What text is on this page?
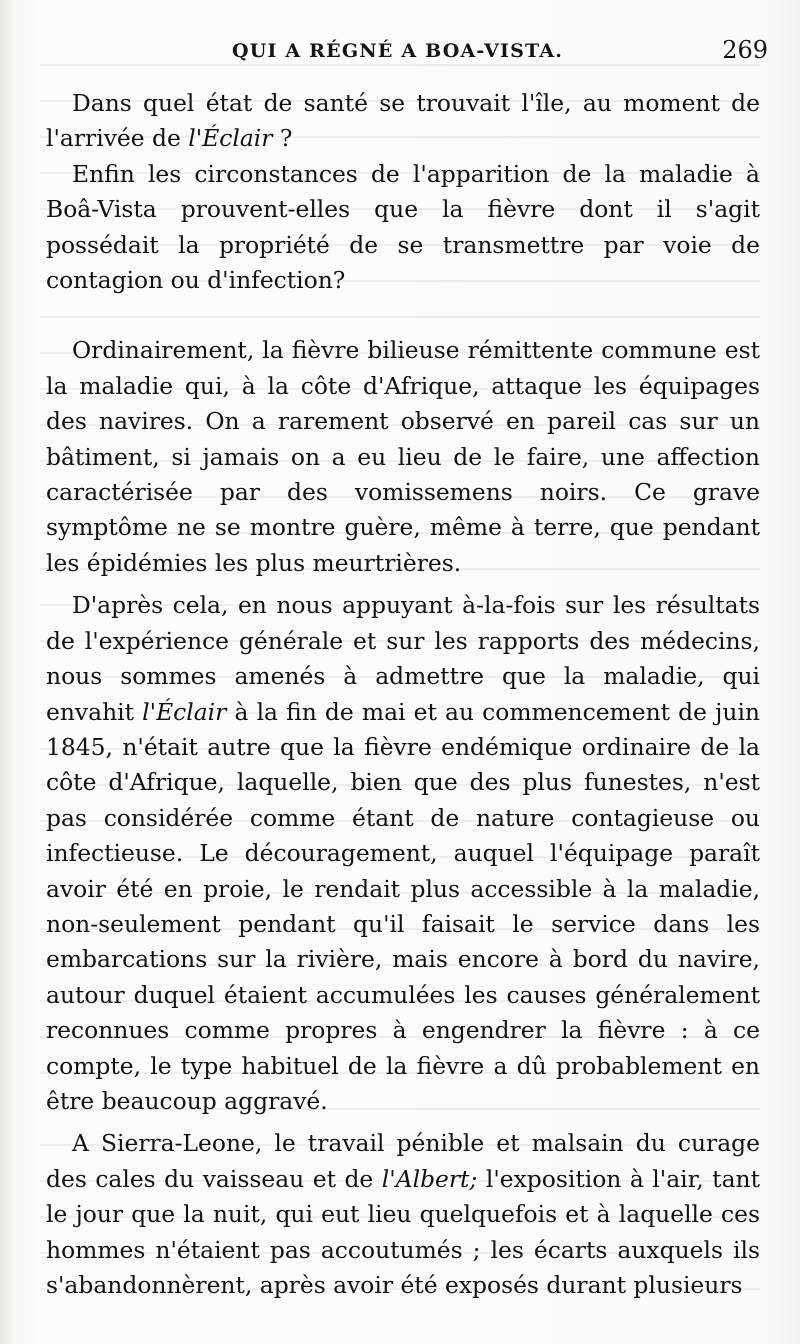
QUI A RÉGNÉ A BOA-VISTA.	269

Dans quel état de santé se trouvait l'île, au moment de l'arrivée de l'Éclair ?

Enfin les circonstances de l'apparition de la maladie à Boâ-Vista prouvent-elles que la fièvre dont il s'agit possédait la propriété de se transmettre par voie de contagion ou d'infection?

Ordinairement, la fièvre bilieuse rémittente commune est la maladie qui, à la côte d'Afrique, attaque les équipages des navires. On a rarement observé en pareil cas sur un bâtiment, si jamais on a eu lieu de le faire, une affection caractérisée par des vomissemens noirs. Ce grave symptôme ne se montre guère, même à terre, que pendant les épidémies les plus meurtrières.

D'après cela, en nous appuyant à-la-fois sur les résultats de l'expérience générale et sur les rapports des médecins, nous sommes amenés à admettre que la maladie, qui envahit l'Éclair à la fin de mai et au commencement de juin 1845, n'était autre que la fièvre endémique ordinaire de la côte d'Afrique, laquelle, bien que des plus funestes, n'est pas considérée comme étant de nature contagieuse ou infectieuse. Le découragement, auquel l'équipage paraît avoir été en proie, le rendait plus accessible à la maladie, non-seulement pendant qu'il faisait le service dans les embarcations sur la rivière, mais encore à bord du navire, autour duquel étaient accumulées les causes généralement reconnues comme propres à engendrer la fièvre : à ce compte, le type habituel de la fièvre a dû probablement en être beaucoup aggravé.

A Sierra-Leone, le travail pénible et malsain du curage des cales du vaisseau et de l'Albert; l'exposition à l'air, tant le jour que la nuit, qui eut lieu quelquefois et à laquelle ces hommes n'étaient pas accoutumés ; les écarts auxquels ils s'abandonnèrent, après avoir été exposés durant plusieurs
